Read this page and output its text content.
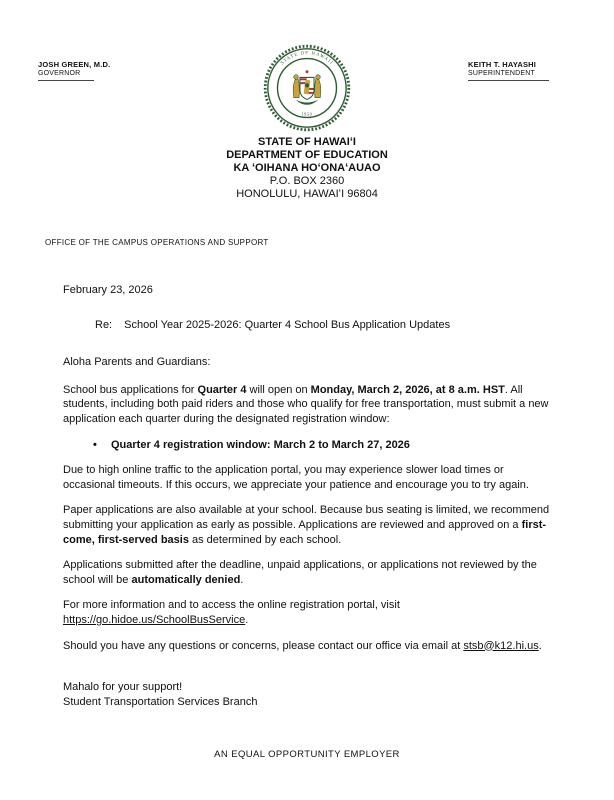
JOSH GREEN, M.D.
GOVERNOR
KEITH T. HAYASHI
SUPERINTENDENT
STATE OF HAWAII
1959
STATE OF HAWAIʻI
DEPARTMENT OF EDUCATION
KA ʻOIHANA HOʻONAʻAUAO
P.O. BOX 2360
HONOLULU, HAWAIʻI 96804
OFFICE OF THE CAMPUS OPERATIONS AND SUPPORT

February 23, 2026

Re: School Year 2025-2026: Quarter 4 School Bus Application Updates

Aloha Parents and Guardians:

School bus applications for Quarter 4 will open on Monday, March 2, 2026, at 8 a.m. HST. All students, including both paid riders and those who qualify for free transportation, must submit a new application each quarter during the designated registration window:

•	Quarter 4 registration window: March 2 to March 27, 2026

Due to high online traffic to the application portal, you may experience slower load times or occasional timeouts. If this occurs, we appreciate your patience and encourage you to try again.

Paper applications are also available at your school. Because bus seating is limited, we recommend submitting your application as early as possible. Applications are reviewed and approved on a first-come, first-served basis as determined by each school.

Applications submitted after the deadline, unpaid applications, or applications not reviewed by the school will be automatically denied.

For more information and to access the online registration portal, visit https://go.hidoe.us/SchoolBusService.

Should you have any questions or concerns, please contact our office via email at stsb@k12.hi.us.

Mahalo for your support!

Student Transportation Services Branch

AN EQUAL OPPORTUNITY EMPLOYER
